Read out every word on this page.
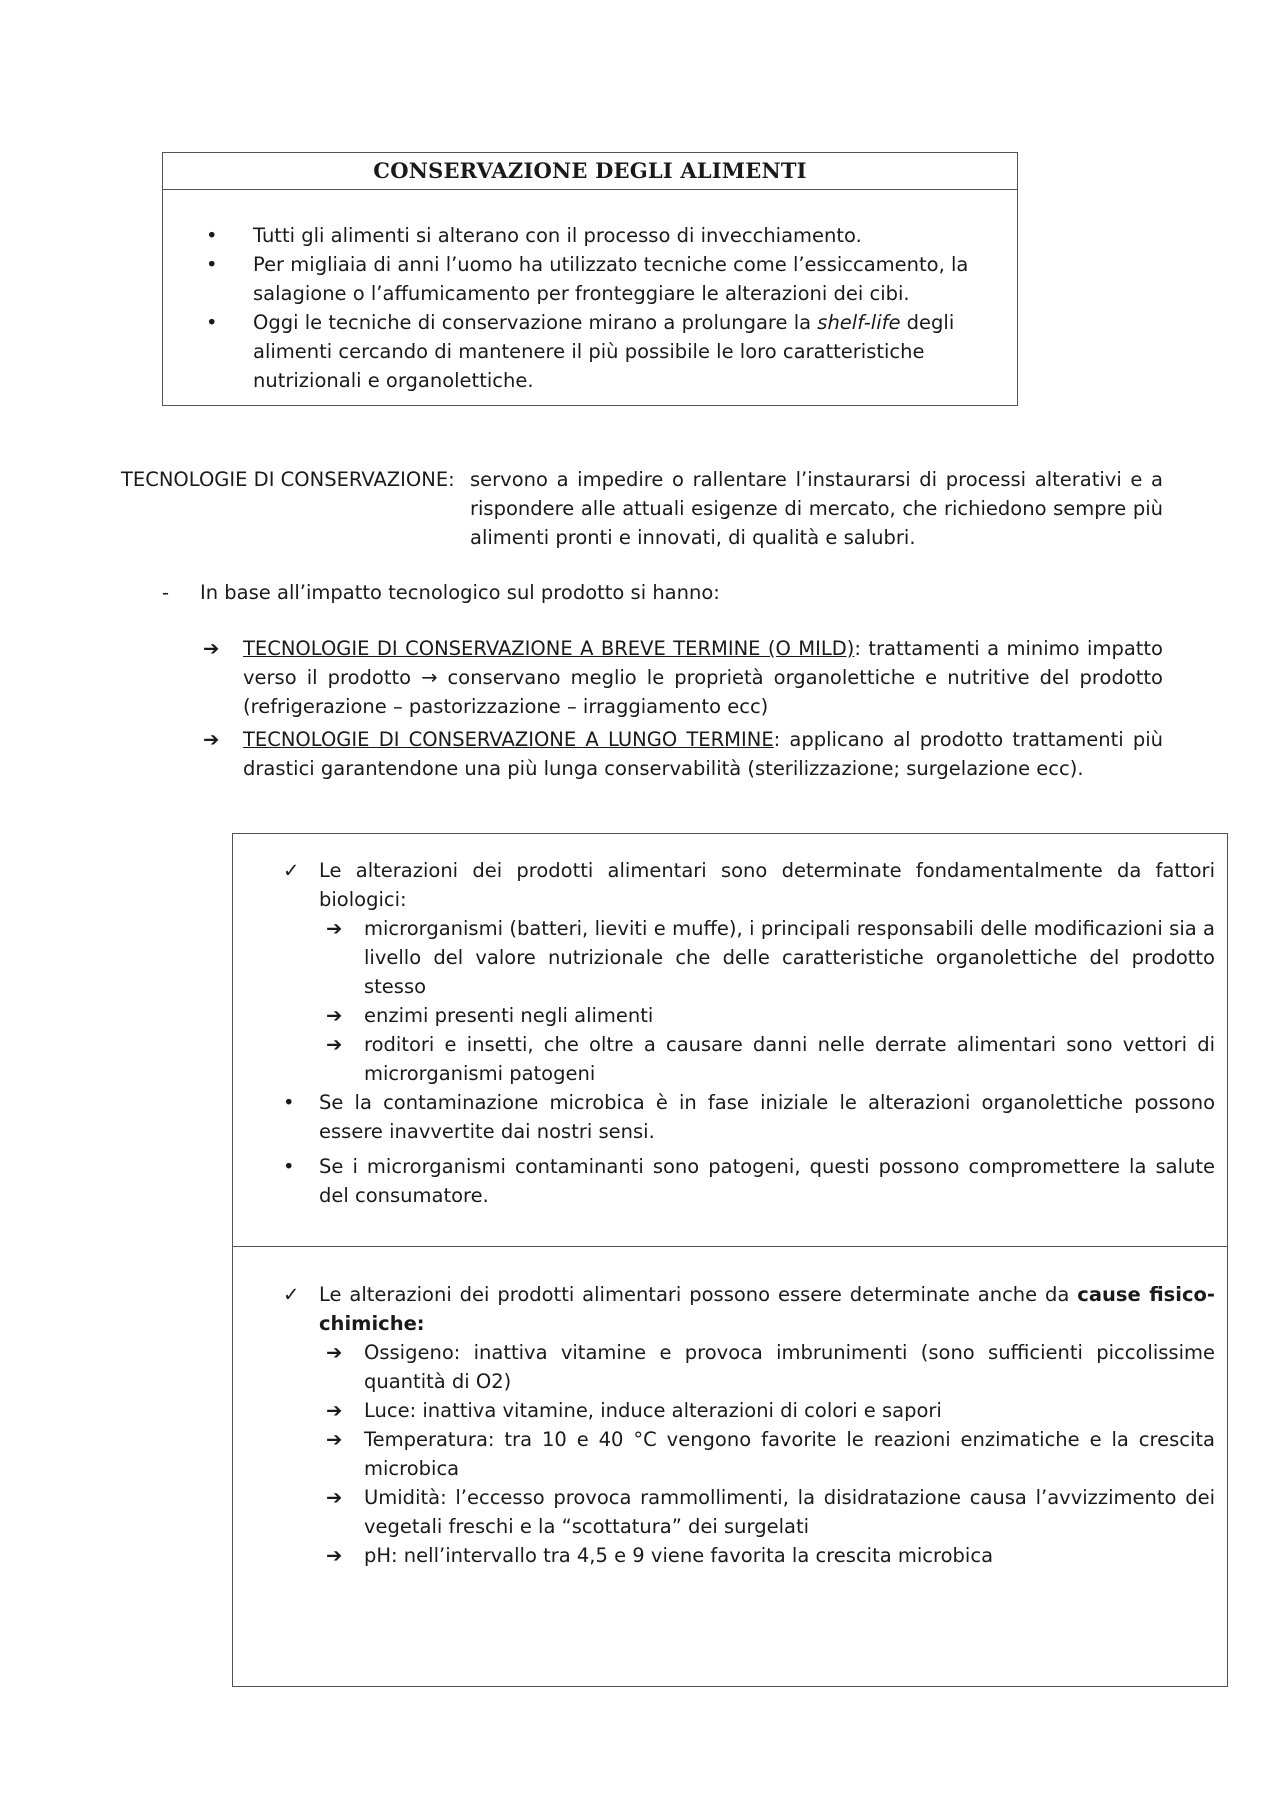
CONSERVAZIONE DEGLI ALIMENTI
• Tutti gli alimenti si alterano con il processo di invecchiamento.
• Per migliaia di anni l’uomo ha utilizzato tecniche come l’essiccamento, la salagione o l’affumicamento per fronteggiare le alterazioni dei cibi.
• Oggi le tecniche di conservazione mirano a prolungare la shelf-life degli alimenti cercando di mantenere il più possibile le loro caratteristiche nutrizionali e organolettiche.
TECNOLOGIE DI CONSERVAZIONE: servono a impedire o rallentare l’instaurarsi di processi alterativi e a
rispondere alle attuali esigenze di mercato, che richiedono sempre più alimenti pronti e innovati, di qualità e salubri.
- In base all’impatto tecnologico sul prodotto si hanno:
➔ TECNOLOGIE DI CONSERVAZIONE A BREVE TERMINE (O MILD): trattamenti a minimo impatto verso il prodotto → conservano meglio le proprietà organolettiche e nutritive del prodotto (refrigerazione – pastorizzazione – irraggiamento ecc)
➔ TECNOLOGIE DI CONSERVAZIONE A LUNGO TERMINE: applicano al prodotto trattamenti più drastici garantendone una più lunga conservabilità (sterilizzazione; surgelazione ecc).
✓ Le alterazioni dei prodotti alimentari sono determinate fondamentalmente da fattori biologici:
➔ microrganismi (batteri, lieviti e muffe), i principali responsabili delle modificazioni sia a livello del valore nutrizionale che delle caratteristiche organolettiche del prodotto stesso
➔ enzimi presenti negli alimenti
➔ roditori e insetti, che oltre a causare danni nelle derrate alimentari sono vettori di microrganismi patogeni
• Se la contaminazione microbica è in fase iniziale le alterazioni organolettiche possono essere inavvertite dai nostri sensi.
• Se i microrganismi contaminanti sono patogeni, questi possono compromettere la salute del consumatore.
✓ Le alterazioni dei prodotti alimentari possono essere determinate anche da cause fisico-chimiche:
➔ Ossigeno: inattiva vitamine e provoca imbrunimenti (sono sufficienti piccolissime quantità di O2)
➔ Luce: inattiva vitamine, induce alterazioni di colori e sapori
➔ Temperatura: tra 10 e 40 °C vengono favorite le reazioni enzimatiche e la crescita microbica
➔ Umidità: l’eccesso provoca rammollimenti, la disidratazione causa l’avvizzimento dei vegetali freschi e la “scottatura” dei surgelati
➔ pH: nell’intervallo tra 4,5 e 9 viene favorita la crescita microbica
